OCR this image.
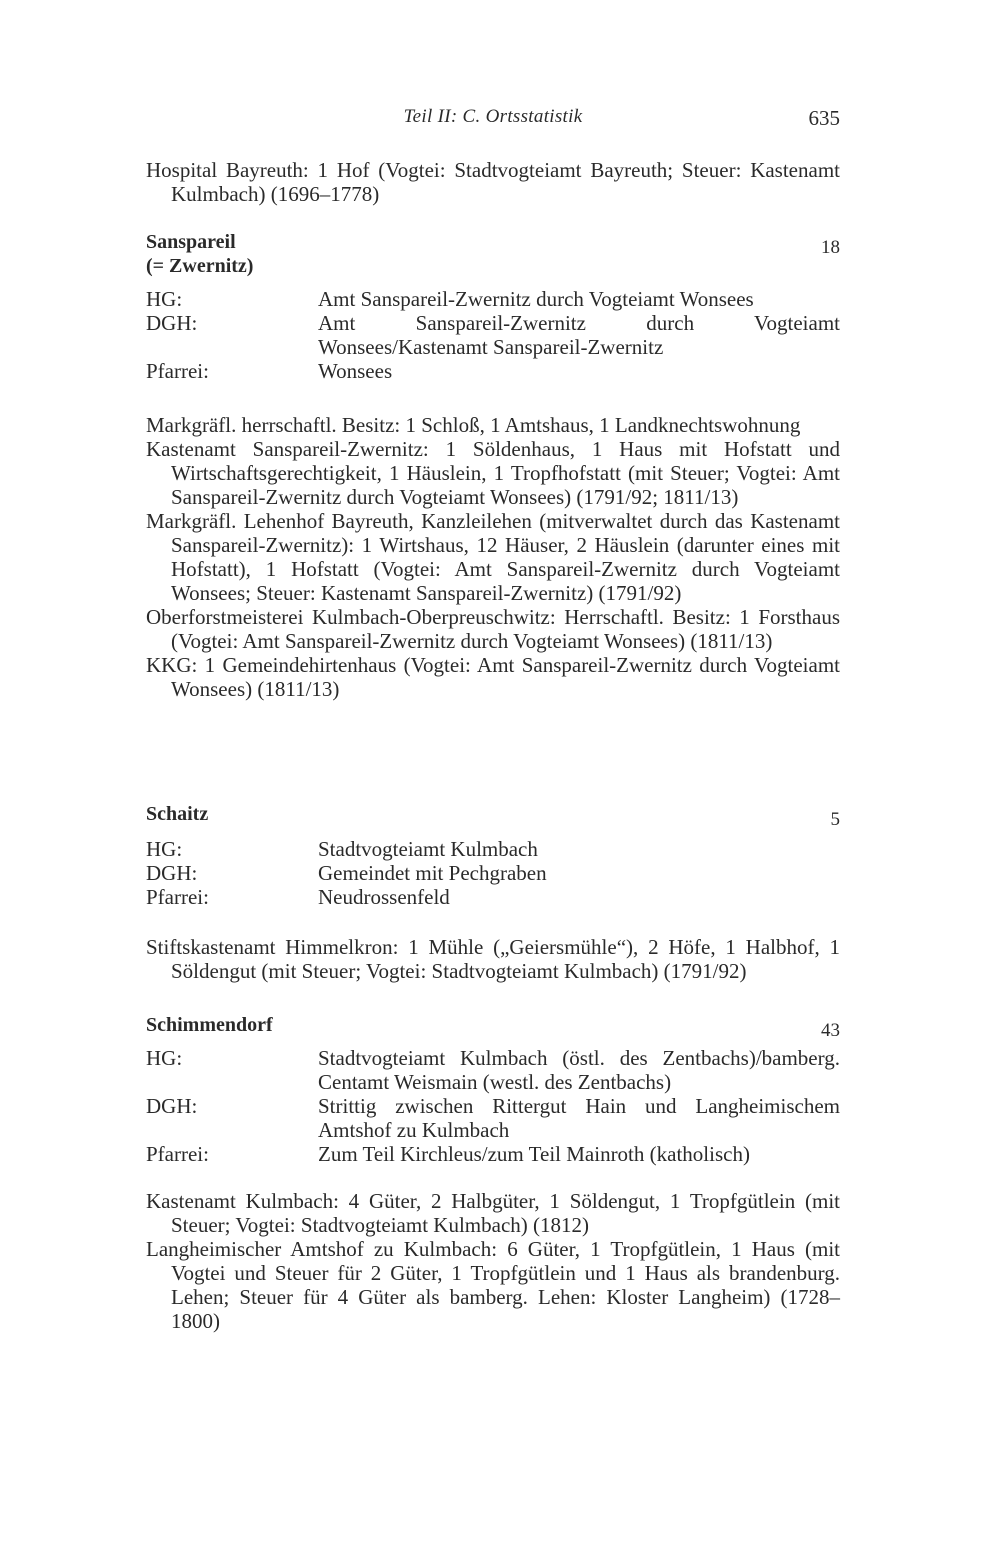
Teil II: C. Ortsstatistik	635

Hospital Bayreuth: 1 Hof (Vogtei: Stadtvogteiamt Bayreuth; Steuer: Kastenamt Kulmbach) (1696–1778)

Sanspareil
(= Zwernitz)
18
HG:	Amt Sanspareil-Zwernitz durch Vogteiamt Wonsees
DGH:	Amt Sanspareil-Zwernitz durch Vogteiamt Wonsees/Kastenamt Sanspareil-Zwernitz
Pfarrei:	Wonsees

Markgräfl. herrschaftl. Besitz: 1 Schloß, 1 Amtshaus, 1 Landknechtswohnung

Kastenamt Sanspareil-Zwernitz: 1 Söldenhaus, 1 Haus mit Hofstatt und Wirtschaftsgerechtigkeit, 1 Häuslein, 1 Tropfhofstatt (mit Steuer; Vogtei: Amt Sanspareil-Zwernitz durch Vogteiamt Wonsees) (1791/92; 1811/13)

Markgräfl. Lehenhof Bayreuth, Kanzleilehen (mitverwaltet durch das Kastenamt Sanspareil-Zwernitz): 1 Wirtshaus, 12 Häuser, 2 Häuslein (darunter eines mit Hofstatt), 1 Hofstatt (Vogtei: Amt Sanspareil-Zwernitz durch Vogteiamt Wonsees; Steuer: Kastenamt Sanspareil-Zwernitz) (1791/92)

Oberforstmeisterei Kulmbach-Oberpreuschwitz: Herrschaftl. Besitz: 1 Forsthaus (Vogtei: Amt Sanspareil-Zwernitz durch Vogteiamt Wonsees) (1811/13)

KKG: 1 Gemeindehirtenhaus (Vogtei: Amt Sanspareil-Zwernitz durch Vogteiamt Wonsees) (1811/13)

Schaitz	5
HG:	Stadtvogteiamt Kulmbach
DGH:	Gemeindet mit Pechgraben
Pfarrei:	Neudrossenfeld

Stiftskastenamt Himmelkron: 1 Mühle („Geiersmühle“), 2 Höfe, 1 Halbhof, 1 Söldengut (mit Steuer; Vogtei: Stadtvogteiamt Kulmbach) (1791/92)

Schimmendorf	43
HG:	Stadtvogteiamt Kulmbach (östl. des Zentbachs)/bamberg. Centamt Weismain (westl. des Zentbachs)
DGH:	Strittig zwischen Rittergut Hain und Langheimischem Amtshof zu Kulmbach
Pfarrei:	Zum Teil Kirchleus/zum Teil Mainroth (katholisch)

Kastenamt Kulmbach: 4 Güter, 2 Halbgüter, 1 Söldengut, 1 Tropfgütlein (mit Steuer; Vogtei: Stadtvogteiamt Kulmbach) (1812)

Langheimischer Amtshof zu Kulmbach: 6 Güter, 1 Tropfgütlein, 1 Haus (mit Vogtei und Steuer für 2 Güter, 1 Tropfgütlein und 1 Haus als brandenburg. Lehen; Steuer für 4 Güter als bamberg. Lehen: Kloster Langheim) (1728–1800)
